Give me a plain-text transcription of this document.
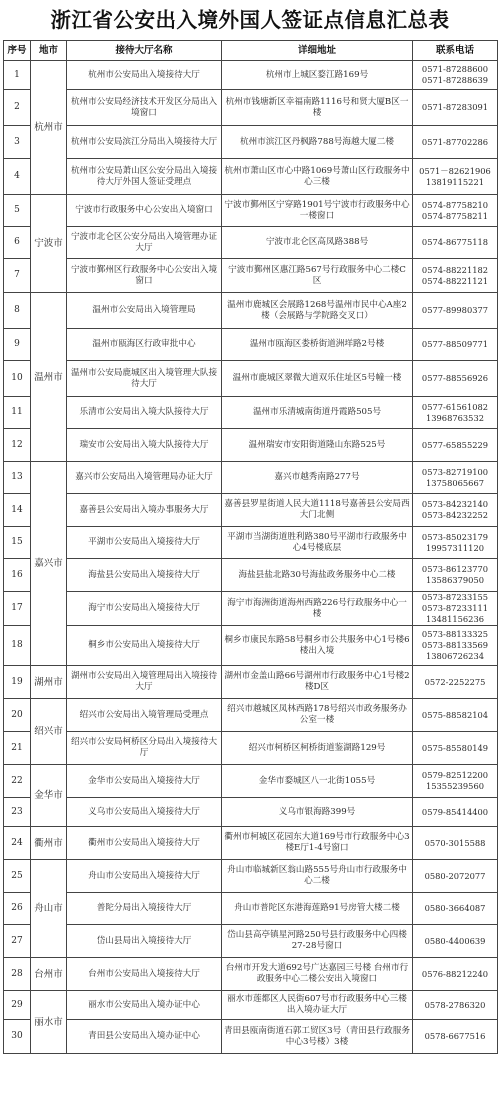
浙江省公安出入境外国人签证点信息汇总表
序号	地市	接待大厅名称	详细地址	联系电话
1	杭州市	杭州市公安局出入境接待大厅	杭州市上城区婺江路169号	0571-87288600
0571-87288639
2		杭州市公安局经济技术开发区分局出入境窗口	杭州市钱塘新区幸福南路1116号和贤大厦B区一楼	0571-87283091
3		杭州市公安局滨江分局出入境接待大厅	杭州市滨江区丹枫路788号海越大厦二楼	0571-87702286
4		杭州市公安局萧山区公安分局出入境接待大厅外国人签证受理点	杭州市萧山区市心中路1069号萧山区行政服务中心三楼	0571－82621906
13819115221
5	宁波市	宁波市行政服务中心公安出入境窗口	宁波市鄞州区宁穿路1901号宁波市行政服务中心一楼窗口	0574-87758210
0574-87758211
6		宁波市北仑区公安分局出入境管理办证大厅	宁波市北仑区高凤路388号	0574-86775118
7		宁波市鄞州区行政服务中心公安出入境窗口	宁波市鄞州区惠江路567号行政服务中心二楼C区	0574-88221182
0574-88221121
8	温州市	温州市公安局出入境管理局	温州市鹿城区会展路1268号温州市民中心A座2楼（会展路与学院路交叉口）	0577-89980377
9		温州市瓯海区行政审批中心	温州市瓯海区娄桥街道洲垟路2号楼	0577-88509771
10		温州市公安局鹿城区出入境管理大队接待大厅	温州市鹿城区翠微大道双乐住址区5号幢一楼	0577-88556926
11		乐清市公安局出入境大队接待大厅	温州市乐清城南街道丹霞路505号	0577-61561082
13968763532
12		瑞安市公安局出入境大队接待大厅	温州瑞安市安阳街道隆山东路525号	0577-65855229
13	嘉兴市	嘉兴市公安局出入境管理局办证大厅	嘉兴市越秀南路277号	0573-82719100
13758065667
14		嘉善县公安局出入境办事服务大厅	嘉善县罗星街道人民大道1118号嘉善县公安局西大门北侧	0573-84232140
0573-84232252
15		平湖市公安局出入境接待大厅	平湖市当湖街道胜利路380号平湖市行政服务中心4号楼底层	0573-85023179
19957311120
16		海盐县公安局出入境接待大厅	海盐县盐北路30号海盐政务服务中心二楼	0573-86123770
13586379050
17		海宁市公安局出入境接待大厅	海宁市海洲街道海州西路226号行政服务中心一楼	0573-87233155
0573-87233111
13481156236
18		桐乡市公安局出入境接待大厅	桐乡市康民东路58号桐乡市公共服务中心1号楼6楼出入境	0573-88133325
0573-88133569
13806726234
19	湖州市	湖州市公安局出入境管理局出入境接待大厅	湖州市金盖山路66号湖州市行政服务中心1号楼2楼D区	0572-2252275
20	绍兴市	绍兴市公安局出入境管理局受理点	绍兴市越城区凤林西路178号绍兴市政务服务办公室一楼	0575-88582104
21		绍兴市公安局柯桥区分局出入境接待大厅	绍兴市柯桥区柯桥街道鉴湖路129号	0575-85580149
22	金华市	金华市公安局出入境接待大厅	金华市婺城区八一北街1055号	0579-82512200
15355239560
23		义乌市公安局出入境接待大厅	义乌市银海路399号	0579-85414400
24	衢州市	衢州市公安局出入境接待大厅	衢州市柯城区花园东大道169号市行政服务中心3楼E厅1-4号窗口	0570-3015588
25	舟山市	舟山市公安局出入境接待大厅	舟山市临城新区翁山路555号舟山市行政服务中心二楼	0580-2072077
26		普陀分局出入境接待大厅	舟山市普陀区东港海莲路91号房管大楼二楼	0580-3664087
27		岱山县局出入境接待大厅	岱山县高亭镇星河路250号县行政服务中心四楼27-28号窗口	0580-4400639
28	台州市	台州市公安局出入境接待大厅	台州市开发大道692号广达嘉园三号楼 台州市行政服务中心二楼公安出入境窗口	0576-88212240
29	丽水市	丽水市公安局出入境办证中心	丽水市莲都区人民街607号市行政服务中心三楼出入境办证大厅	0578-2786320
30		青田县公安局出入境办证中心	青田县瓯南街道石郭工贸区3号（青田县行政服务中心3号楼）3楼	0578-6677516
